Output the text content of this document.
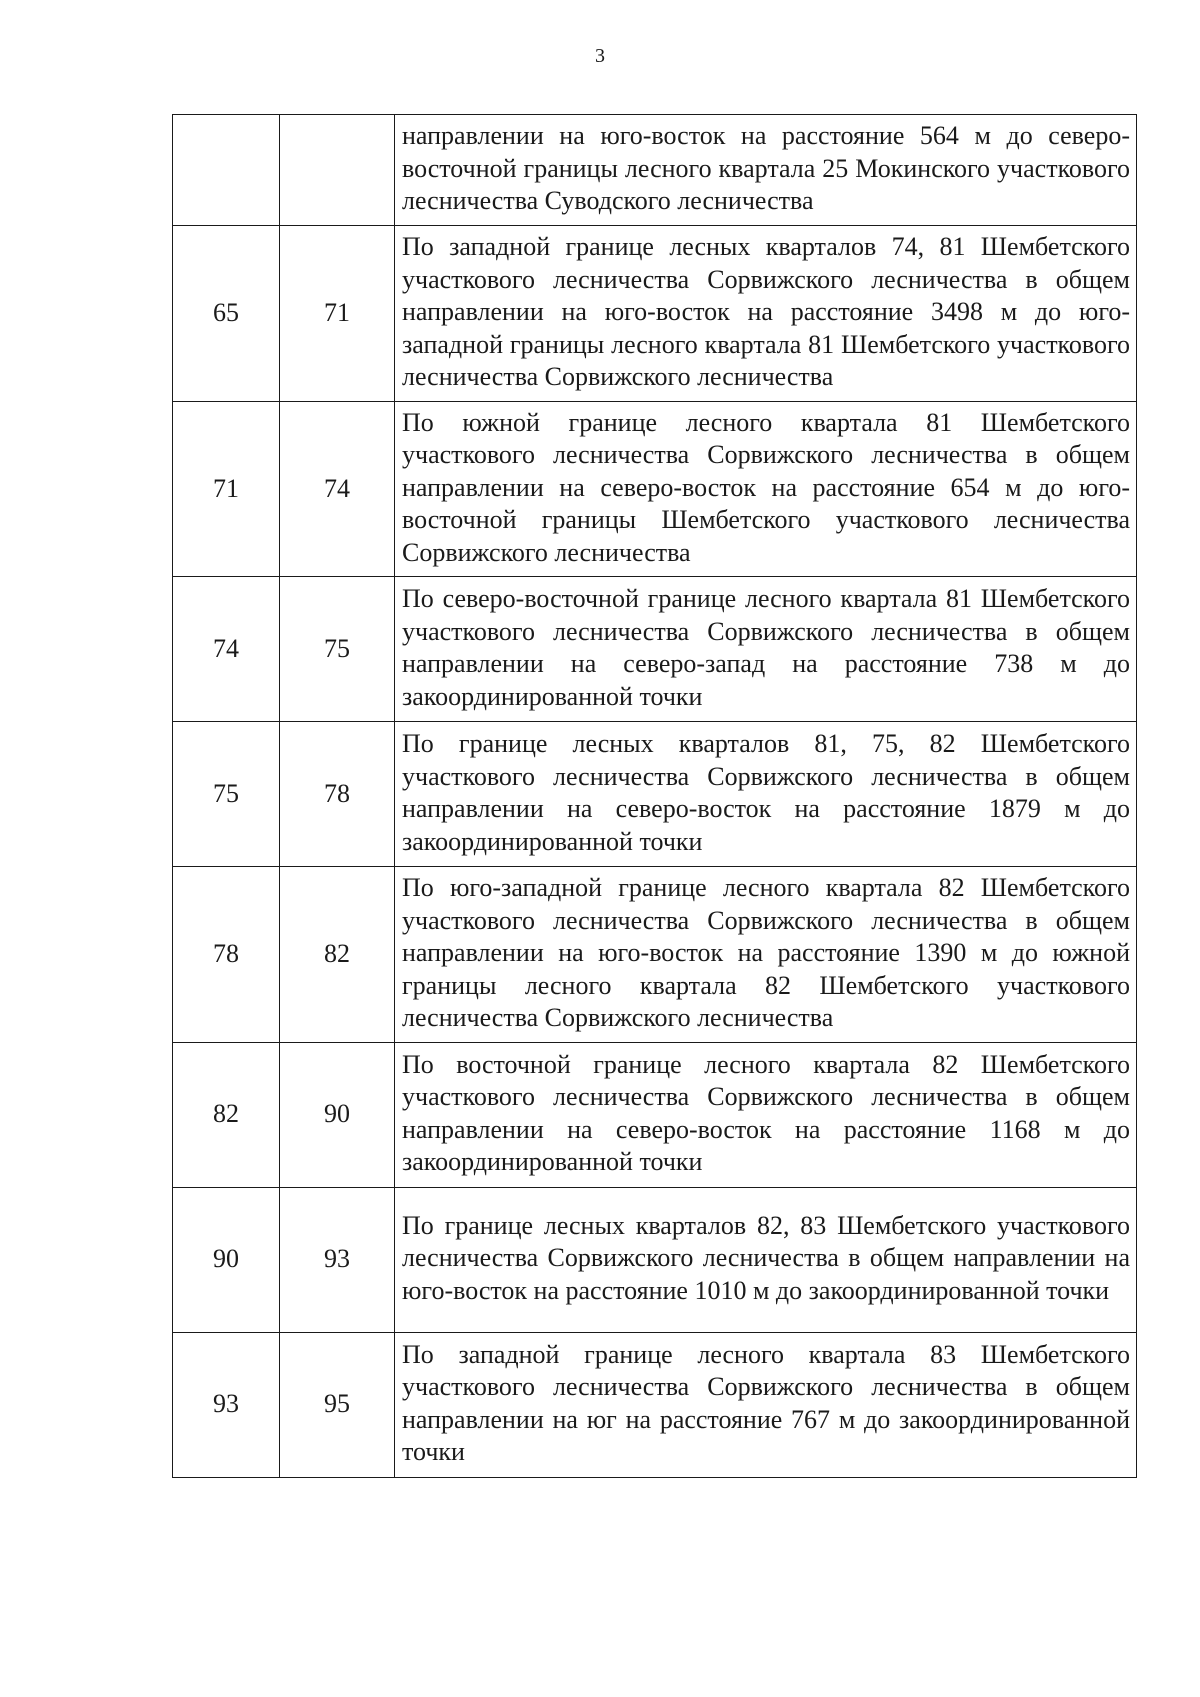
3
		направлении на юго-восток на расстояние 564 м до северо-восточной границы лесного квартала 25 Мокинского участкового лесничества Суводского лесничества
65	71	По западной границе лесных кварталов 74, 81 Шембетского участкового лесничества Сорвижского лесничества в общем направлении на юго-восток на расстояние 3498 м до юго-западной границы лесного квартала 81 Шембетского участкового лесничества Сорвижского лесничества
71	74	По южной границе лесного квартала 81 Шембетского участкового лесничества Сорвижского лесничества в общем направлении на северо-восток на расстояние 654 м до юго-восточной границы Шембетского участкового лесничества Сорвижского лесничества
74	75	По северо-восточной границе лесного квартала 81 Шембетского участкового лесничества Сорвижского лесничества в общем направлении на северо-запад на расстояние 738 м до закоординированной точки
75	78	По границе лесных кварталов 81, 75, 82 Шембетского участкового лесничества Сорвижского лесничества в общем направлении на северо-восток на расстояние 1879 м до закоординированной точки
78	82	По юго-западной границе лесного квартала 82 Шембетского участкового лесничества Сорвижского лесничества в общем направлении на юго-восток на расстояние 1390 м до южной границы лесного квартала 82 Шембетского участкового лесничества Сорвижского лесничества
82	90	По восточной границе лесного квартала 82 Шембетского участкового лесничества Сорвижского лесничества в общем направлении на северо-восток на расстояние 1168 м до закоординированной точки
90	93	По границе лесных кварталов 82, 83 Шембетского участкового лесничества Сорвижского лесничества в общем направлении на юго-восток на расстояние 1010 м до закоординированной точки
93	95	По западной границе лесного квартала 83 Шембетского участкового лесничества Сорвижского лесничества в общем направлении на юг на расстояние 767 м до закоординированной точки
